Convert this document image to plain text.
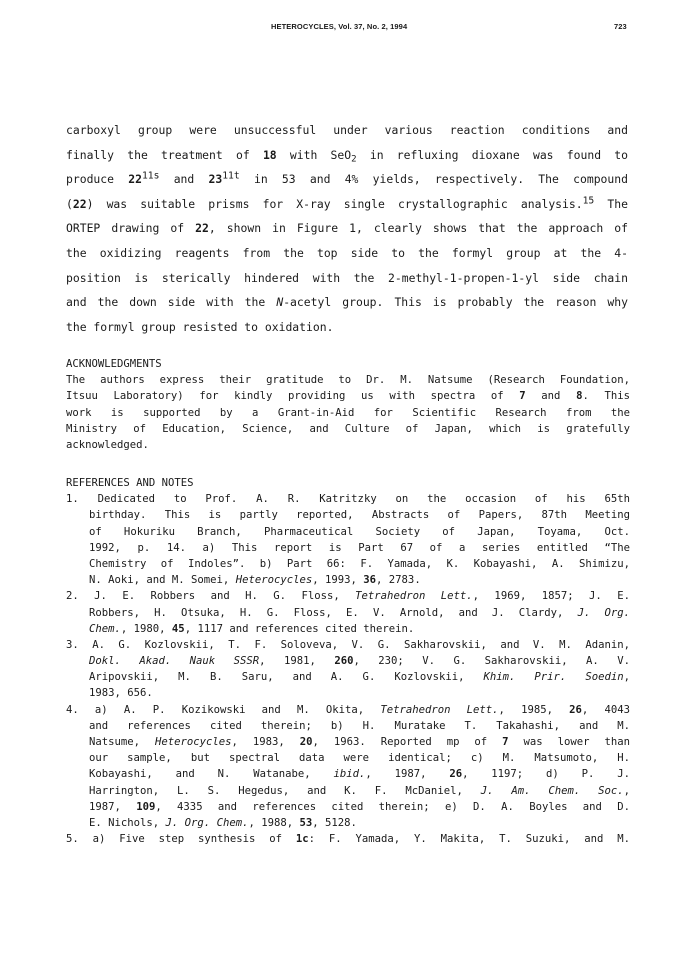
HETEROCYCLES, Vol. 37, No. 2, 1994	723
carboxyl group were unsuccessful under various reaction conditions and
finally the treatment of 18 with SeO$_2$ in refluxing dioxane was found to
produce $22^{11s}$ and $23^{11t}$ in 53 and 4% yields, respectively. The compound
(22) was suitable prisms for X-ray single crystallographic analysis.$^{15}$ The
ORTEP drawing of 22, shown in Figure 1, clearly shows that the approach of
the oxidizing reagents from the top side to the formyl group at the 4-
position is sterically hindered with the 2-methyl-1-propen-1-yl side chain
and the down side with the N-acetyl group. This is probably the reason why
the formyl group resisted to oxidation.
ACKNOWLEDGMENTS
The authors express their gratitude to Dr. M. Natsume (Research Foundation,
Itsuu Laboratory) for kindly providing us with spectra of 7 and 8. This
work is supported by a Grant-in-Aid for Scientific Research from the
Ministry of Education, Science, and Culture of Japan, which is gratefully
acknowledged.
REFERENCES AND NOTES
1. Dedicated to Prof. A. R. Katritzky on the occasion of his 65th
birthday. This is partly reported, Abstracts of Papers, 87th Meeting
of Hokuriku Branch, Pharmaceutical Society of Japan, Toyama, Oct.
1992, p. 14. a) This report is Part 67 of a series entitled “The
Chemistry of Indoles”. b) Part 66: F. Yamada, K. Kobayashi, A. Shimizu,
N. Aoki, and M. Somei, Heterocycles, 1993, 36, 2783.
2. J. E. Robbers and H. G. Floss, Tetrahedron Lett., 1969, 1857; J. E.
Robbers, H. Otsuka, H. G. Floss, E. V. Arnold, and J. Clardy, J. Org.
Chem., 1980, 45, 1117 and references cited therein.
3. A. G. Kozlovskii, T. F. Soloveva, V. G. Sakharovskii, and V. M. Adanin,
Dokl. Akad. Nauk SSSR, 1981, 260, 230; V. G. Sakharovskii, A. V.
Aripovskii, M. B. Saru, and A. G. Kozlovskii, Khim. Prir. Soedin,
1983, 656.
4. a) A. P. Kozikowski and M. Okita, Tetrahedron Lett., 1985, 26, 4043
and references cited therein; b) H. Muratake T. Takahashi, and M.
Natsume, Heterocycles, 1983, 20, 1963. Reported mp of 7 was lower than
our sample, but spectral data were identical; c) M. Matsumoto, H.
Kobayashi, and N. Watanabe, ibid., 1987, 26, 1197; d) P. J.
Harrington, L. S. Hegedus, and K. F. McDaniel, J. Am. Chem. Soc.,
1987, 109, 4335 and references cited therein; e) D. A. Boyles and D.
E. Nichols, J. Org. Chem., 1988, 53, 5128.
5. a) Five step synthesis of 1c: F. Yamada, Y. Makita, T. Suzuki, and M.
